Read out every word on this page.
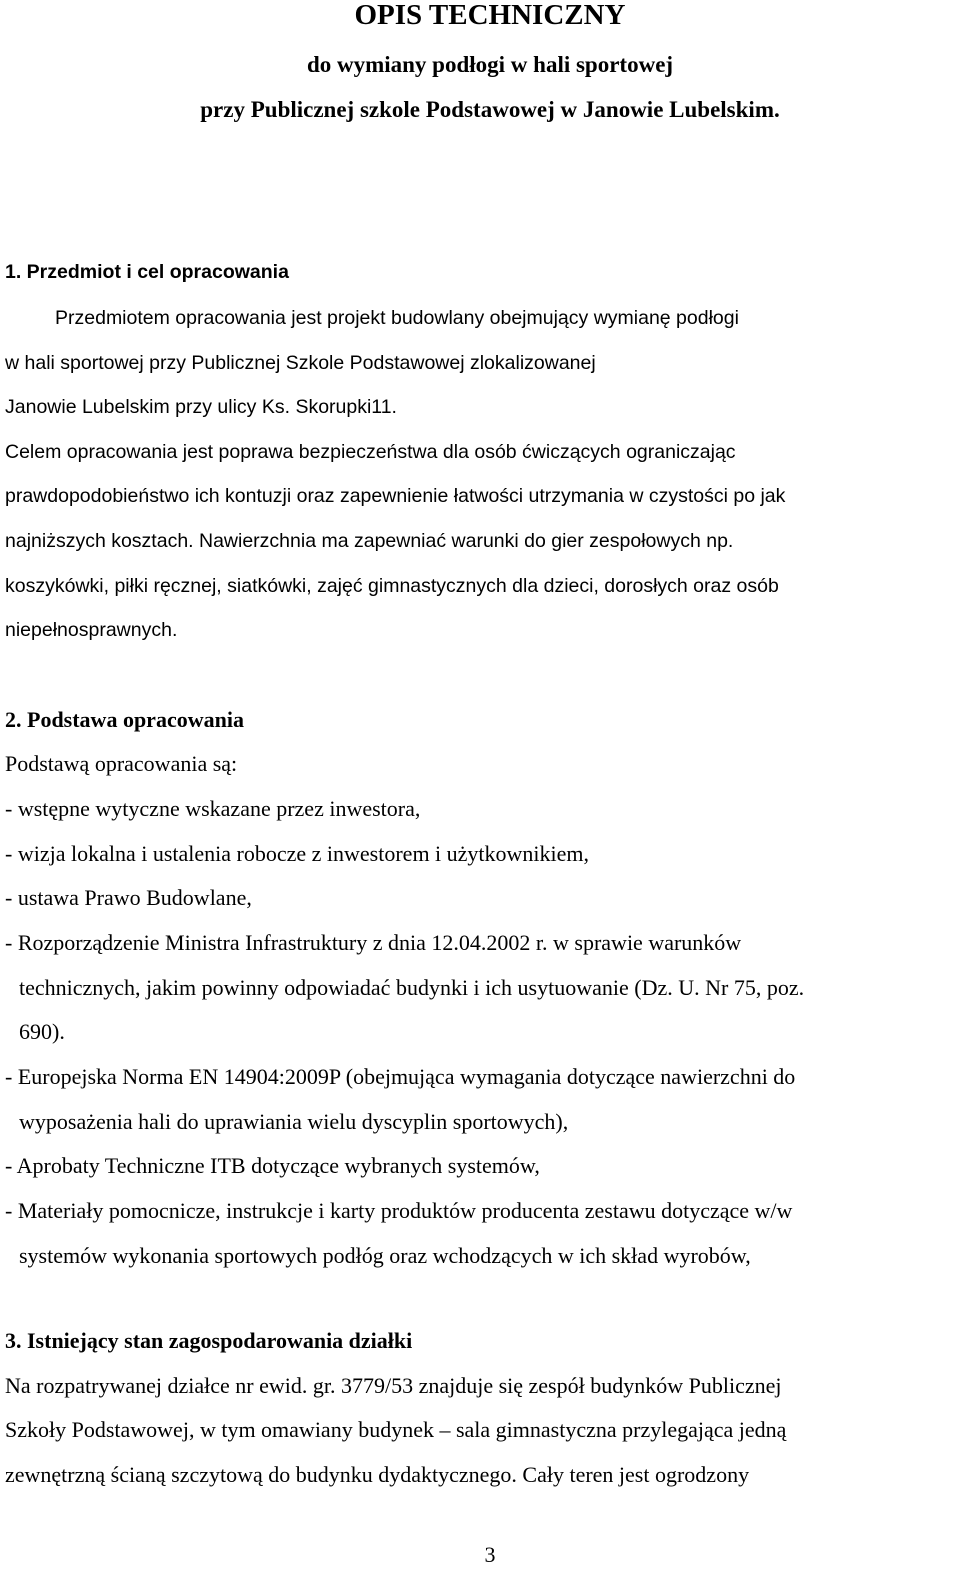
OPIS TECHNICZNY
do wymiany podłogi w hali sportowej
przy Publicznej szkole Podstawowej w Janowie Lubelskim.

1. Przedmiot i cel opracowania

Przedmiotem opracowania jest projekt budowlany obejmujący wymianę podłogi

w hali sportowej przy Publicznej Szkole Podstawowej zlokalizowanej

Janowie Lubelskim przy ulicy Ks. Skorupki11.

Celem opracowania jest poprawa bezpieczeństwa dla osób ćwiczących ograniczając

prawdopodobieństwo ich kontuzji oraz zapewnienie łatwości utrzymania w czystości po jak

najniższych kosztach. Nawierzchnia ma zapewniać warunki do gier zespołowych np.

koszykówki, piłki ręcznej, siatkówki, zajęć gimnastycznych dla dzieci, dorosłych oraz osób

niepełnosprawnych.

2. Podstawa opracowania

Podstawą opracowania są:

- wstępne wytyczne wskazane przez inwestora,

- wizja lokalna i ustalenia robocze z inwestorem i użytkownikiem,

- ustawa Prawo Budowlane,

- Rozporządzenie Ministra Infrastruktury z dnia 12.04.2002 r. w sprawie warunków

technicznych, jakim powinny odpowiadać budynki i ich usytuowanie (Dz. U. Nr 75, poz.

690).

- Europejska Norma EN 14904:2009P (obejmująca wymagania dotyczące nawierzchni do

wyposażenia hali do uprawiania wielu dyscyplin sportowych),

- Aprobaty Techniczne ITB dotyczące wybranych systemów,

- Materiały pomocnicze, instrukcje i karty produktów producenta zestawu dotyczące w/w

systemów wykonania sportowych podłóg oraz wchodzących w ich skład wyrobów,

3. Istniejący stan zagospodarowania działki

Na rozpatrywanej działce nr ewid. gr. 3779/53 znajduje się zespół budynków Publicznej

Szkoły Podstawowej, w tym omawiany budynek – sala gimnastyczna przylegająca jedną

zewnętrzną ścianą szczytową do budynku dydaktycznego. Cały teren jest ogrodzony

3
